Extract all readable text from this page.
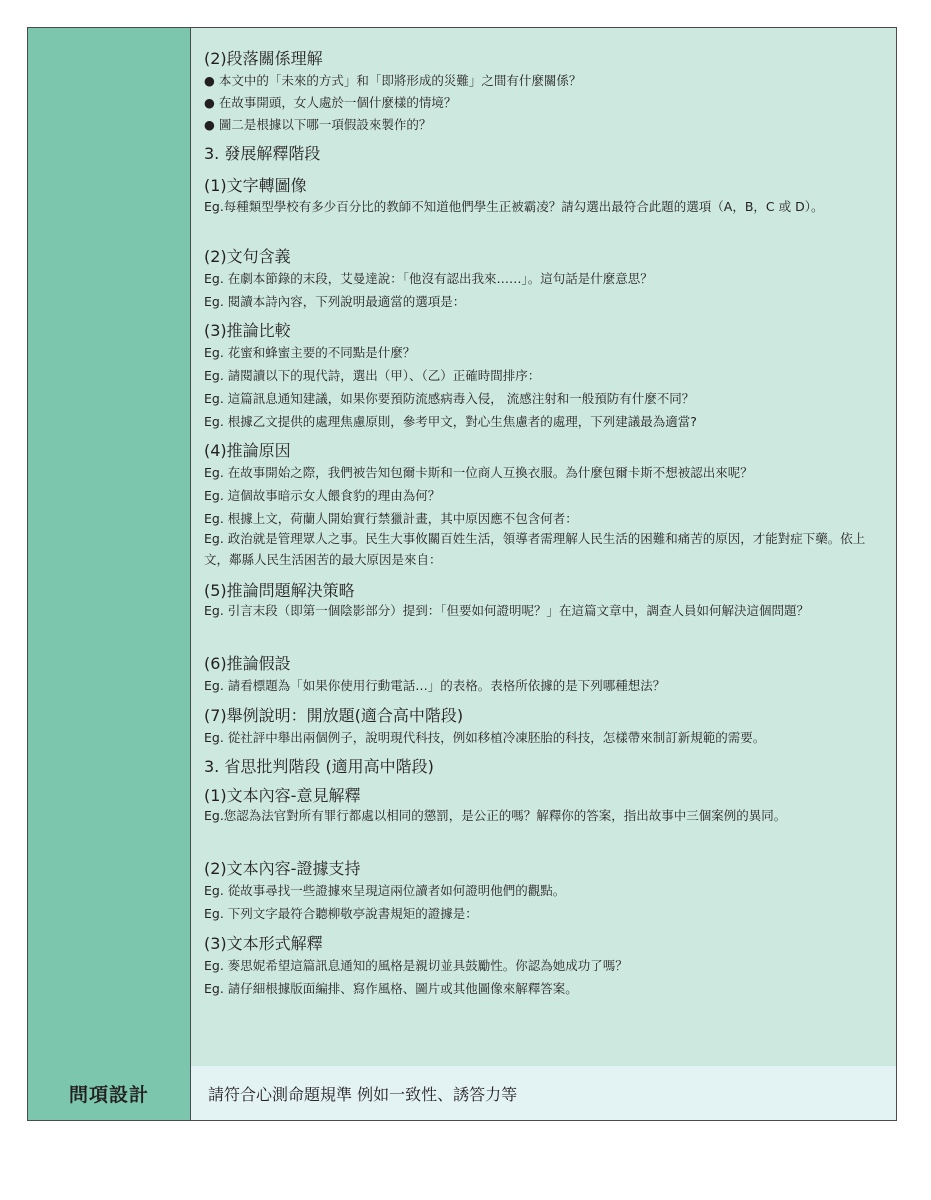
(2)段落關係理解
● 本文中的「未來的方式」和「即將形成的災難」之間有什麼關係？
● 在故事開頭，女人處於一個什麼樣的情境？
● 圖二是根據以下哪一項假設來製作的？
3. 發展解釋階段
(1)文字轉圖像
Eg.每種類型學校有多少百分比的教師不知道他們學生正被霸凌？請勾選出最符合此題的選項（A，B，C 或 D）。
(2)文句含義
Eg. 在劇本節錄的末段，艾曼達說：「他沒有認出我來……」。這句話是什麼意思？
Eg. 閱讀本詩內容，下列說明最適當的選項是：
(3)推論比較
Eg. 花蜜和蜂蜜主要的不同點是什麼？
Eg. 請閱讀以下的現代詩，選出（甲）、（乙）正確時間排序：
Eg. 這篇訊息通知建議，如果你要預防流感病毒入侵， 流感注射和一般預防有什麼不同？
Eg. 根據乙文提供的處理焦慮原則，參考甲文，對心生焦慮者的處理，下列建議最為適當?
(4)推論原因
Eg. 在故事開始之際，我們被告知包爾卡斯和一位商人互換衣服。為什麼包爾卡斯不想被認出來呢？
Eg. 這個故事暗示女人餵食豹的理由為何？
Eg. 根據上文，荷蘭人開始實行禁獵計畫，其中原因應不包含何者：
Eg. 政治就是管理眾人之事。民生大事攸關百姓生活，領導者需理解人民生活的困難和痛苦的原因，才能對症下藥。依上文，鄰縣人民生活困苦的最大原因是來自：
(5)推論問題解決策略
Eg. 引言末段（即第一個陰影部分）提到：「但要如何證明呢？」在這篇文章中，調查人員如何解決這個問題？
(6)推論假設
Eg. 請看標題為「如果你使用行動電話…」的表格。表格所依據的是下列哪種想法？
(7)舉例說明：開放題(適合高中階段)
Eg. 從社評中舉出兩個例子，說明現代科技，例如移植冷凍胚胎的科技，怎樣帶來制訂新規範的需要。
3. 省思批判階段 (適用高中階段)
(1)文本內容-意見解釋
Eg.您認為法官對所有罪行都處以相同的懲罰，是公正的嗎？解釋你的答案，指出故事中三個案例的異同。
(2)文本內容-證據支持
Eg. 從故事尋找一些證據來呈現這兩位讀者如何證明他們的觀點。
Eg. 下列文字最符合聽柳敬亭說書規矩的證據是：
(3)文本形式解釋
Eg. 麥思妮希望這篇訊息通知的風格是親切並具鼓勵性。你認為她成功了嗎？
Eg. 請仔細根據版面編排、寫作風格、圖片或其他圖像來解釋答案。
問項設計	請符合心測命題規準 例如一致性、誘答力等
